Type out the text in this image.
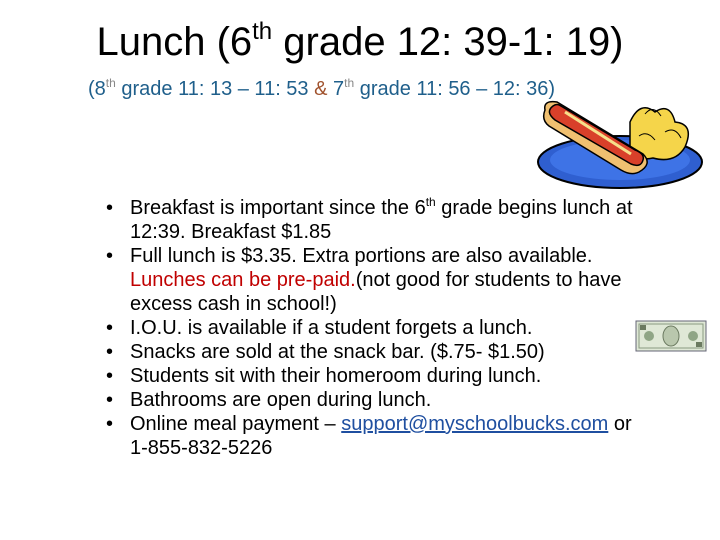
Lunch (6th grade 12: 39-1: 19)
(8th grade 11: 13 – 11: 53 & 7th grade 11: 56 – 12: 36)
• Breakfast is important since the 6th grade begins lunch at 12:39. Breakfast $1.85
• Full lunch is $3.35. Extra portions are also available. Lunches can be pre-paid.(not good for students to have excess cash in school!)
• I.O.U. is available if a student forgets a lunch.
• Snacks are sold at the snack bar. ($.75- $1.50)
• Students sit with their homeroom during lunch.
• Bathrooms are open during lunch.
• Online meal payment – support@myschoolbucks.com or 1-855-832-5226
